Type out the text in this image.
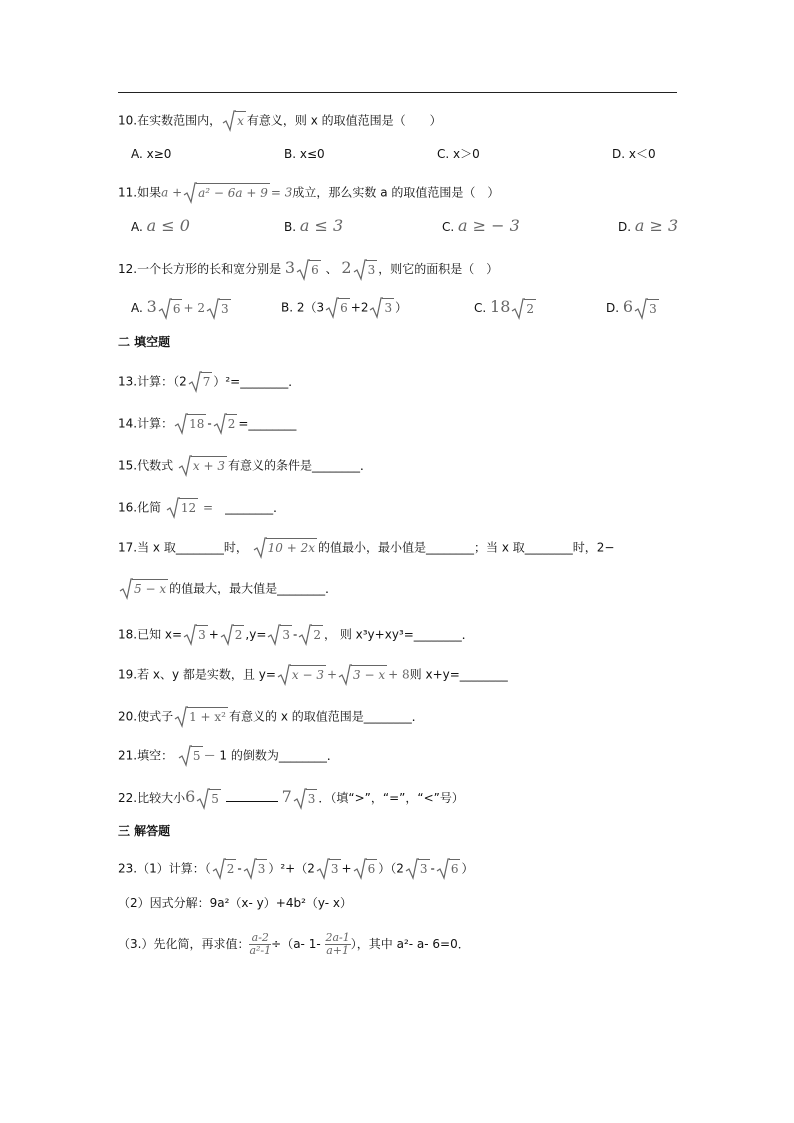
10.在实数范围内， x 有意义，则 x 的取值范围是（　　）
A. x≥0	B. x≤0	C. x＞0	D. x＜0
11.如果a + a² − 6a + 9 = 3成立，那么实数 a 的取值范围是（　）
A. a ≤ 0	B. a ≤ 3	C. a ≥ − 3	D. a ≥ 3
12.一个长方形的长和宽分别是 3 6 、 2 3 ，则它的面积是（　）
A. 3 6 + 2 3	B. 2（3 6 +2 3 ）	C. 18 2	D. 6 3
二 填空题
13.计算：（2 7 ）²=________．
14.计算： 18 - 2 =________
15.代数式 x + 3 有意义的条件是________．
16.化简 12 =　 ________．
17.当 x 取________时， 10 + 2x 的值最小，最小值是________；当 x 取________时，2−
5 − x 的值最大，最大值是________．
18.已知 x= 3 + 2 ,y= 3 - 2 ， 则 x³y+xy³=________．
19.若 x、y 都是实数，且 y= x − 3 + 3 − x + 8则 x+y=________
20.使式子 1 + x² 有意义的 x 的取值范围是________．
21.填空： 5 － 1 的倒数为________．
22.比较大小6 5	7 3 ．（填“>”，“=”，“<”号）
三 解答题
23.（1）计算：（ 2 - 3 ）²+（2 3 + 6 ）（2 3 - 6 ）
（2）因式分解：9a²（x- y）+4b²（y- x）
（3.）先化简，再求值： $\frac{a-2}{\text{a²-1}} \div(a-$ $1- \frac{2a-1}{a+1}$ ），其中 a²- a- 6=0．
